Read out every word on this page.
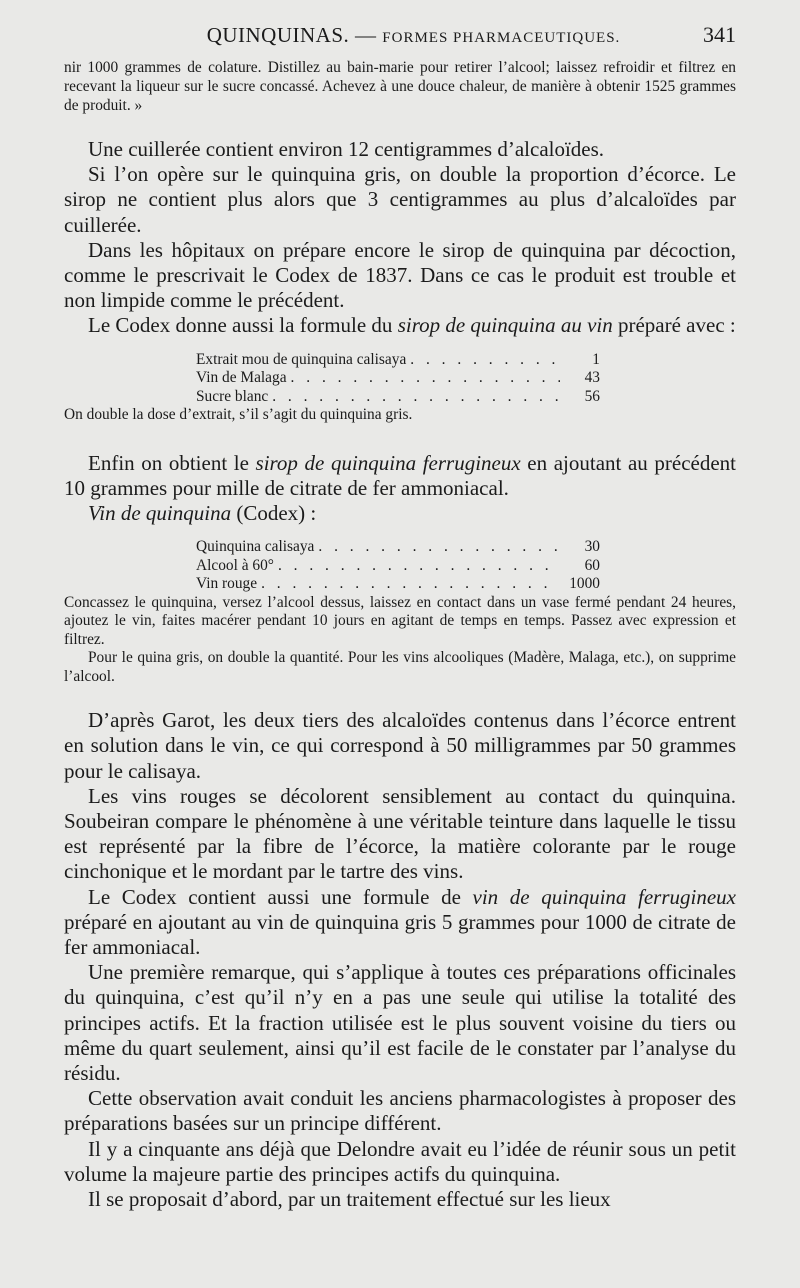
QUINQUINAS. — FORMES PHARMACEUTIQUES.	341

nir 1000 grammes de colature. Distillez au bain-marie pour retirer l’alcool; laissez refroidir et filtrez en recevant la liqueur sur le sucre concassé. Achevez à une douce chaleur, de manière à obtenir 1525 grammes de produit. »

Une cuillerée contient environ 12 centigrammes d’alcaloïdes.

Si l’on opère sur le quinquina gris, on double la proportion d’écorce. Le sirop ne contient plus alors que 3 centigrammes au plus d’alcaloïdes par cuillerée.

Dans les hôpitaux on prépare encore le sirop de quinquina par décoction, comme le prescrivait le Codex de 1837. Dans ce cas le produit est trouble et non limpide comme le précédent.

Le Codex donne aussi la formule du sirop de quinquina au vin préparé avec :

Extrait mou de quinquina calisaya . . .	1
Vin de Malaga . . .	43
Sucre blanc . . .	56

On double la dose d’extrait, s’il s’agit du quinquina gris.

Enfin on obtient le sirop de quinquina ferrugineux en ajoutant au précédent 10 grammes pour mille de citrate de fer ammoniacal.

Vin de quinquina (Codex) :

Quinquina calisaya . . .	30
Alcool à 60° . . .	60
Vin rouge . . .	1000

Concassez le quinquina, versez l’alcool dessus, laissez en contact dans un vase fermé pendant 24 heures, ajoutez le vin, faites macérer pendant 10 jours en agitant de temps en temps. Passez avec expression et filtrez.

Pour le quina gris, on double la quantité. Pour les vins alcooliques (Madère, Malaga, etc.), on supprime l’alcool.

D’après Garot, les deux tiers des alcaloïdes contenus dans l’écorce entrent en solution dans le vin, ce qui correspond à 50 milligrammes par 50 grammes pour le calisaya.

Les vins rouges se décolorent sensiblement au contact du quinquina. Soubeiran compare le phénomène à une véritable teinture dans laquelle le tissu est représenté par la fibre de l’écorce, la matière colorante par le rouge cinchonique et le mordant par le tartre des vins.

Le Codex contient aussi une formule de vin de quinquina ferrugineux préparé en ajoutant au vin de quinquina gris 5 grammes pour 1000 de citrate de fer ammoniacal.

Une première remarque, qui s’applique à toutes ces préparations officinales du quinquina, c’est qu’il n’y en a pas une seule qui utilise la totalité des principes actifs. Et la fraction utilisée est le plus souvent voisine du tiers ou même du quart seulement, ainsi qu’il est facile de le constater par l’analyse du résidu.

Cette observation avait conduit les anciens pharmacologistes à proposer des préparations basées sur un principe différent.

Il y a cinquante ans déjà que Delondre avait eu l’idée de réunir sous un petit volume la majeure partie des principes actifs du quinquina.

Il se proposait d’abord, par un traitement effectué sur les lieux
